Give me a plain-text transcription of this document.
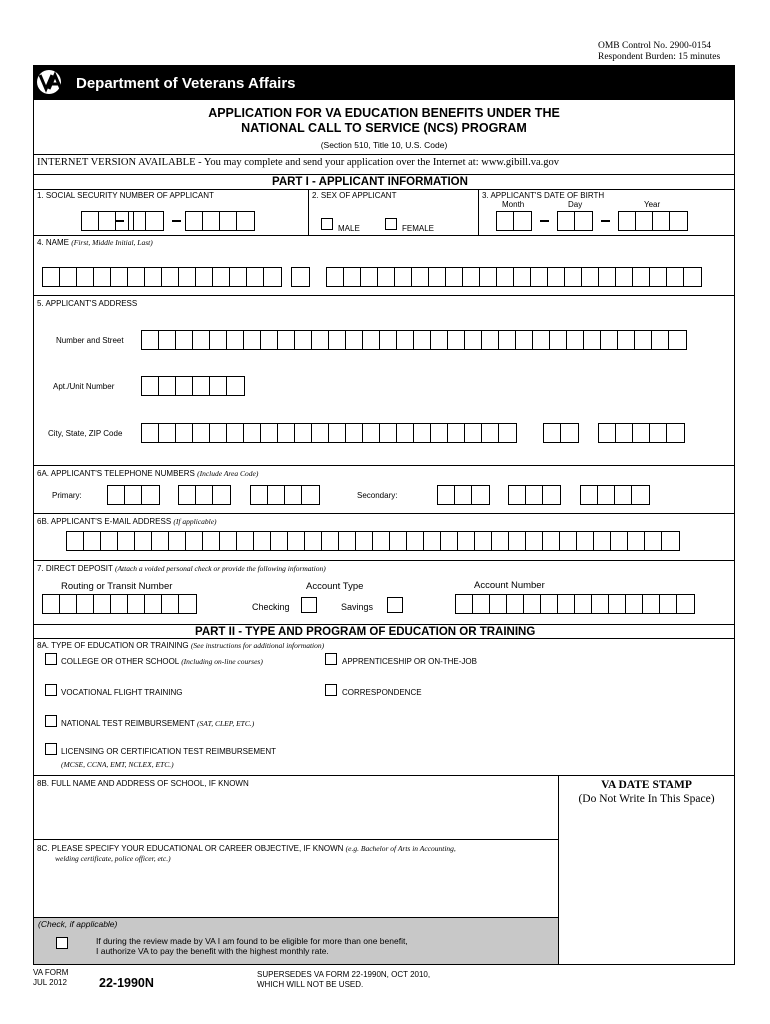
OMB Control No. 2900-0154
Respondent Burden: 15 minutes
Department of Veterans Affairs
APPLICATION FOR VA EDUCATION BENEFITS UNDER THE
NATIONAL CALL TO SERVICE (NCS) PROGRAM
(Section 510, Title 10, U.S. Code)
INTERNET VERSION AVAILABLE - You may complete and send your application over the Internet at: www.gibill.va.gov
PART I - APPLICANT INFORMATION
1. SOCIAL SECURITY NUMBER OF APPLICANT	2. SEX OF APPLICANT	3. APPLICANT'S DATE OF BIRTH
Month	Day	Year
MALE	FEMALE
4. NAME (First, Middle Initial, Last)
5. APPLICANT'S ADDRESS
Number and Street
Apt./Unit Number
City, State, ZIP Code
6A. APPLICANT'S TELEPHONE NUMBERS (Include Area Code)
Primary:	Secondary:
6B. APPLICANT'S E-MAIL ADDRESS (If applicable)
7. DIRECT DEPOSIT (Attach a voided personal check or provide the following information)
Routing or Transit Number	Account Type	Account Number
Checking	Savings
PART II - TYPE AND PROGRAM OF EDUCATION OR TRAINING
8A. TYPE OF EDUCATION OR TRAINING (See instructions for additional information)
COLLEGE OR OTHER SCHOOL (Including on-line courses)	APPRENTICESHIP OR ON-THE-JOB
VOCATIONAL FLIGHT TRAINING	CORRESPONDENCE
NATIONAL TEST REIMBURSEMENT (SAT, CLEP, ETC.)
LICENSING OR CERTIFICATION TEST REIMBURSEMENT
(MCSE, CCNA, EMT, NCLEX, ETC.)
8B. FULL NAME AND ADDRESS OF SCHOOL, IF KNOWN	VA DATE STAMP
(Do Not Write In This Space)
8C. PLEASE SPECIFY YOUR EDUCATIONAL OR CAREER OBJECTIVE, IF KNOWN (e.g. Bachelor of Arts in Accounting,
welding certificate, police officer, etc.)
(Check, if applicable)
If during the review made by VA I am found to be eligible for more than one benefit,
I authorize VA to pay the benefit with the highest monthly rate.
VA FORM
JUL 2012	22-1990N
SUPERSEDES VA FORM 22-1990N, OCT 2010,
WHICH WILL NOT BE USED.
